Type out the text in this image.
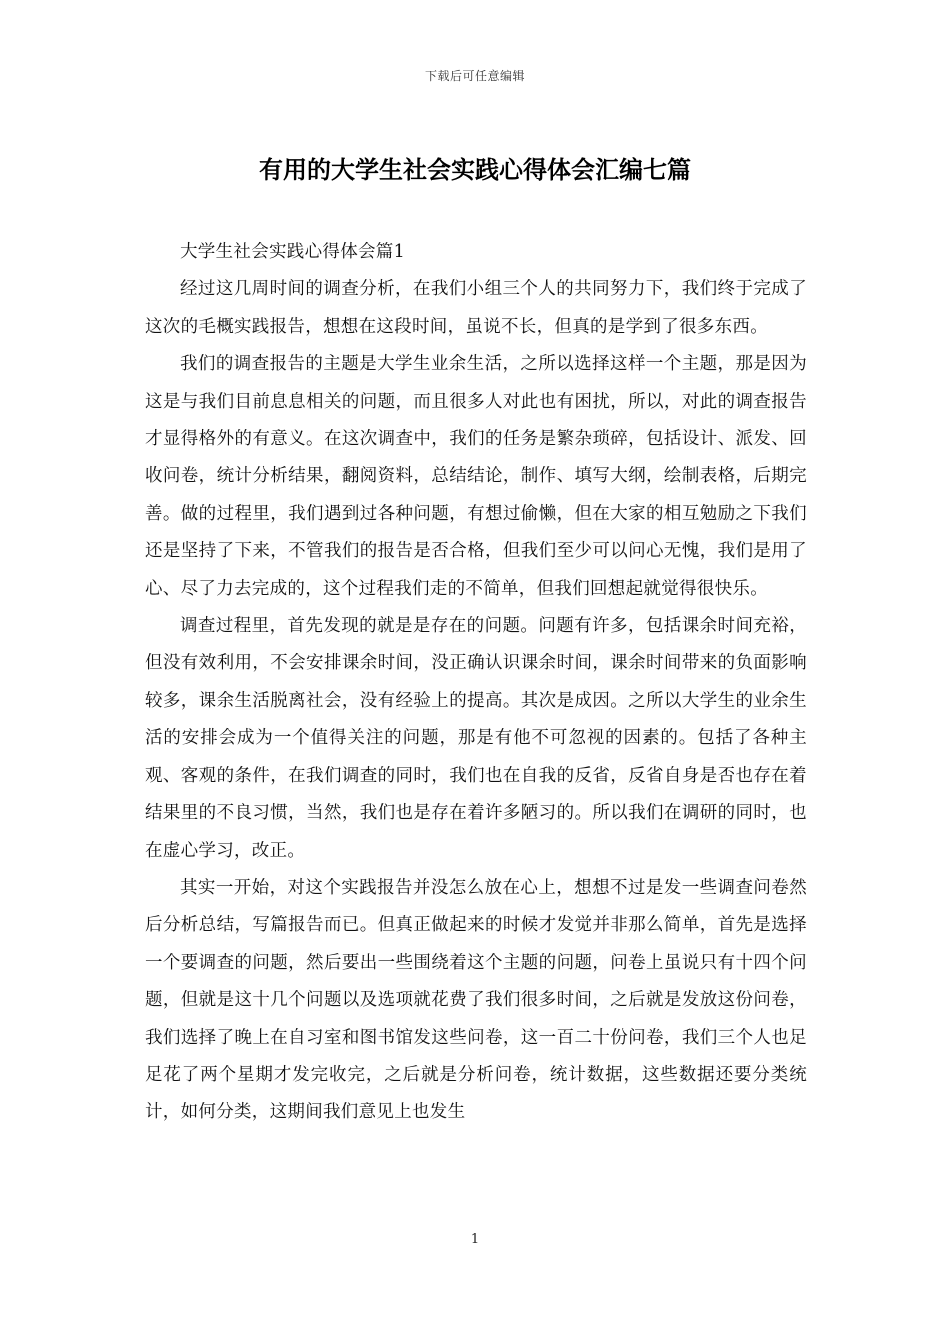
下载后可任意编辑
有用的大学生社会实践心得体会汇编七篇
大学生社会实践心得体会篇1

经过这几周时间的调查分析，在我们小组三个人的共同努力下，我们终于完成了这次的毛概实践报告，想想在这段时间，虽说不长，但真的是学到了很多东西。

我们的调查报告的主题是大学生业余生活，之所以选择这样一个主题，那是因为这是与我们目前息息相关的问题，而且很多人对此也有困扰，所以，对此的调查报告才显得格外的有意义。在这次调查中，我们的任务是繁杂琐碎，包括设计、派发、回收问卷，统计分析结果，翻阅资料，总结结论，制作、填写大纲，绘制表格，后期完善。做的过程里，我们遇到过各种问题，有想过偷懒，但在大家的相互勉励之下我们还是坚持了下来，不管我们的报告是否合格，但我们至少可以问心无愧，我们是用了心、尽了力去完成的，这个过程我们走的不简单，但我们回想起就觉得很快乐。

调查过程里，首先发现的就是是存在的问题。问题有许多，包括课余时间充裕，但没有效利用，不会安排课余时间，没正确认识课余时间，课余时间带来的负面影响较多，课余生活脱离社会，没有经验上的提高。其次是成因。之所以大学生的业余生活的安排会成为一个值得关注的问题，那是有他不可忽视的因素的。包括了各种主观、客观的条件，在我们调查的同时，我们也在自我的反省，反省自身是否也存在着结果里的不良习惯，当然，我们也是存在着许多陋习的。所以我们在调研的同时，也在虚心学习，改正。

其实一开始，对这个实践报告并没怎么放在心上，想想不过是发一些调查问卷然后分析总结，写篇报告而已。但真正做起来的时候才发觉并非那么简单，首先是选择一个要调查的问题，然后要出一些围绕着这个主题的问题，问卷上虽说只有十四个问题，但就是这十几个问题以及选项就花费了我们很多时间，之后就是发放这份问卷，我们选择了晚上在自习室和图书馆发这些问卷，这一百二十份问卷，我们三个人也足足花了两个星期才发完收完，之后就是分析问卷，统计数据，这些数据还要分类统计，如何分类，这期间我们意见上也发生

1
